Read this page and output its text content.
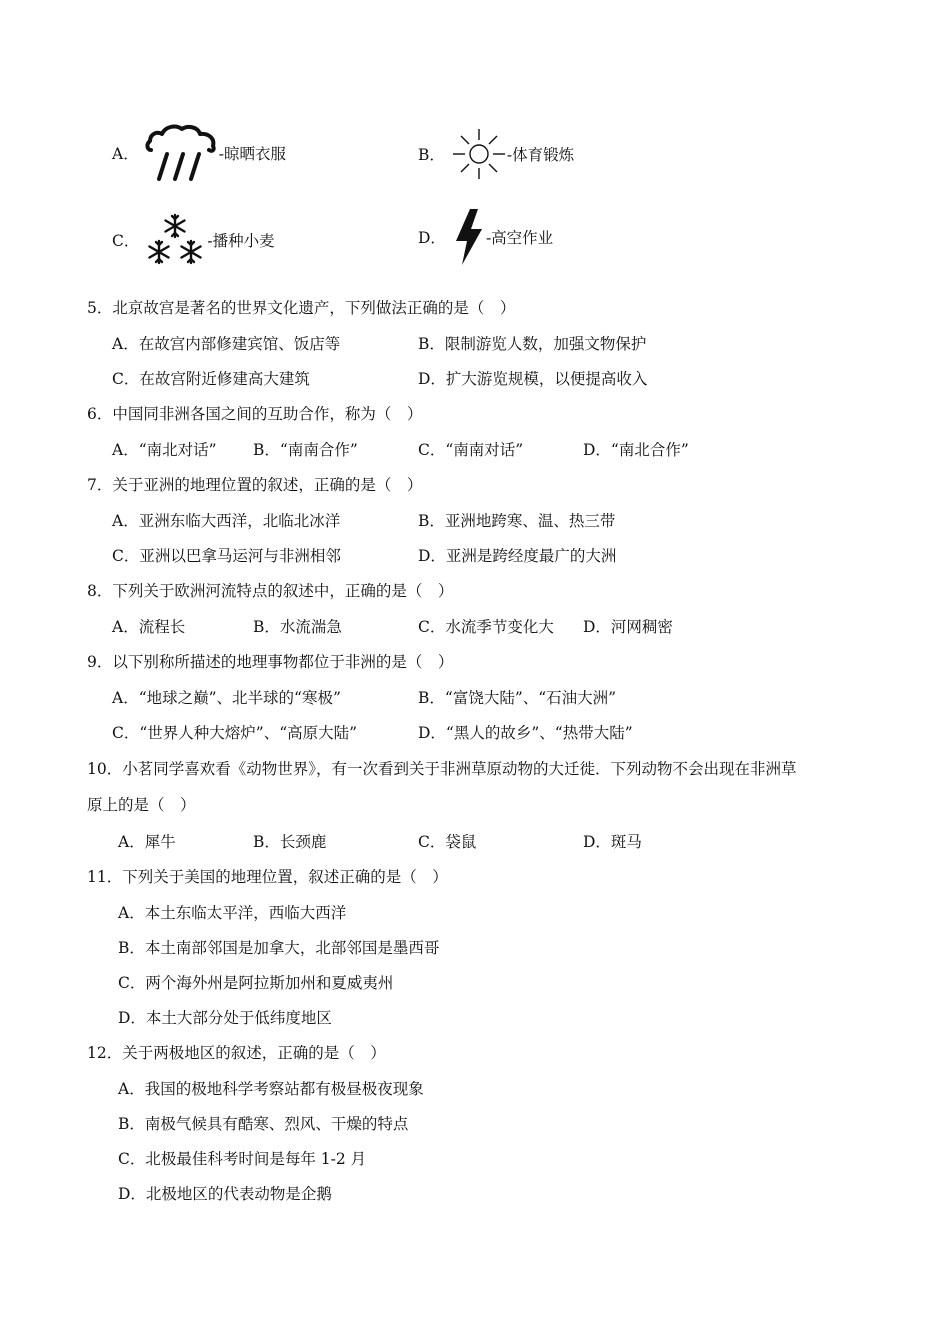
A．	-晾晒衣服	B．	-体育锻炼
C．	-播种小麦	D．	-高空作业
5．北京故宫是著名的世界文化遗产，下列做法正确的是（　）
A．在故宫内部修建宾馆、饭店等	B．限制游览人数，加强文物保护
C．在故宫附近修建高大建筑	D．扩大游览规模，以便提高收入
6．中国同非洲各国之间的互助合作，称为（　）
A．“南北对话” B．“南南合作”	C．“南南对话”	D．“南北合作”
7．关于亚洲的地理位置的叙述，正确的是（　）
A．亚洲东临大西洋，北临北冰洋	B．亚洲地跨寒、温、热三带
C．亚洲以巴拿马运河与非洲相邻	D．亚洲是跨经度最广的大洲
8．下列关于欧洲河流特点的叙述中，正确的是（　）
A．流程长	B．水流湍急	C．水流季节变化大 D．河网稠密
9．以下别称所描述的地理事物都位于非洲的是（　）
A．“地球之巅”、北半球的“寒极”	B．“富饶大陆”、“石油大洲”
C．“世界人种大熔炉”、“高原大陆”	D．“黑人的故乡”、“热带大陆”
10．小茗同学喜欢看《动物世界》，有一次看到关于非洲草原动物的大迁徙．下列动物不会出现在非洲草
原上的是（　）
A．犀牛	B．长颈鹿	C．袋鼠	D．斑马
11．下列关于美国的地理位置，叙述正确的是（　）
A．本土东临太平洋，西临大西洋
B．本土南部邻国是加拿大，北部邻国是墨西哥
C．两个海外州是阿拉斯加州和夏威夷州
D．本土大部分处于低纬度地区
12．关于两极地区的叙述，正确的是（　）
A．我国的极地科学考察站都有极昼极夜现象
B．南极气候具有酷寒、烈风、干燥的特点
C．北极最佳科考时间是每年 1-2 月
D．北极地区的代表动物是企鹅
